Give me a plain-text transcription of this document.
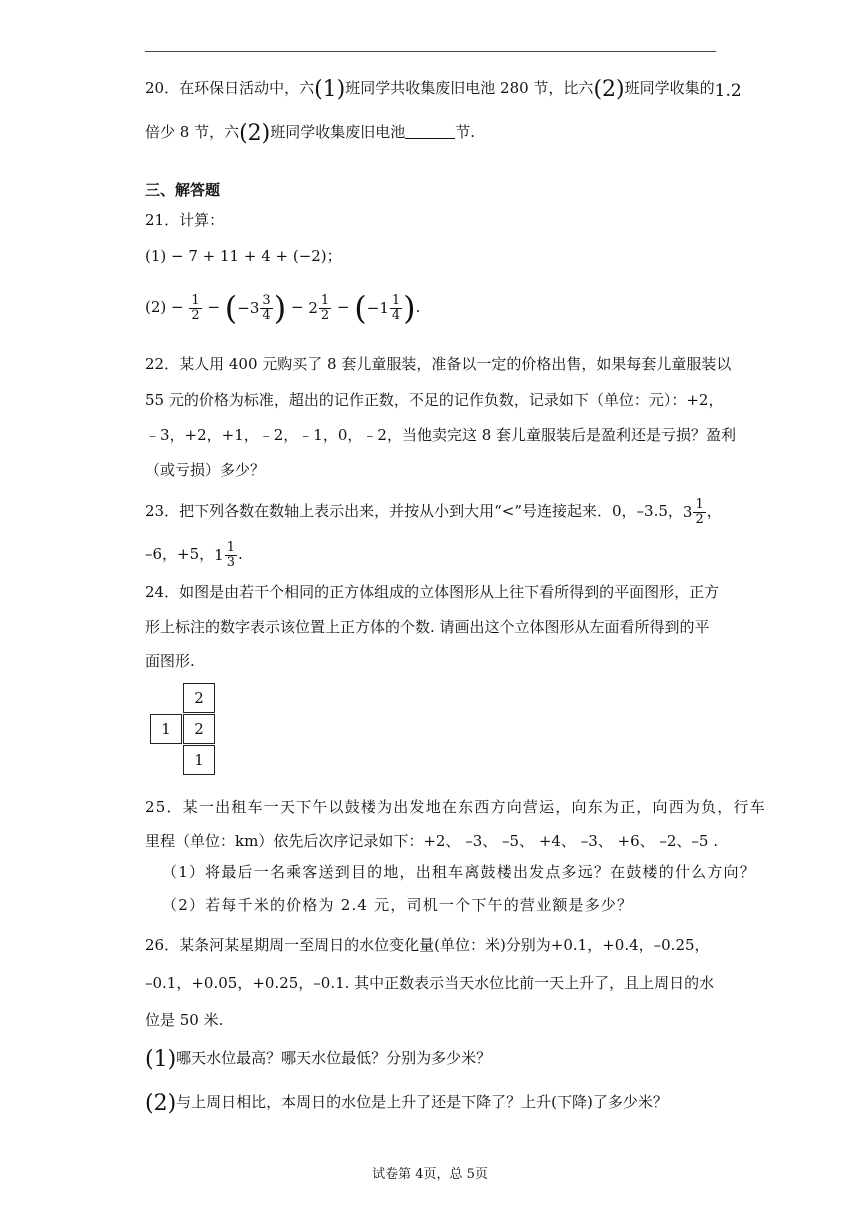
20．在环保日活动中，六(1)班同学共收集废旧电池 280 节，比六(2)班同学收集的1.2
倍少 8 节，六(2)班同学收集废旧电池	节.
三、解答题
21．计算：
(1) − 7 + 11 + 4 + (−2)；
$(2) - \frac{1}{2}$ − ( $-3 \frac{3}{4}$ ) − $2 \frac{1}{2}$ − ( $-1 \frac{1}{4}$ ).
22．某人用 400 元购买了 8 套儿童服装，准备以一定的价格出售，如果每套儿童服装以
55 元的价格为标准，超出的记作正数，不足的记作负数，记录如下（单位：元）：+2，
﹣3，+2，+1，﹣2，﹣1，0，﹣2，当他卖完这 8 套儿童服装后是盈利还是亏损？盈利
（或亏损）多少？
23．把下列各数在数轴上表示出来，并按从小到大用“<”号连接起来．0，–3.5， $3 \frac{1}{2}$ ，
–6，+5， $1 \frac{1}{3}$ .
24．如图是由若干个相同的正方体组成的立体图形从上往下看所得到的平面图形，正方
形上标注的数字表示该位置上正方体的个数. 请画出这个立体图形从左面看所得到的平
面图形.
2
1	2
1
25．某一出租车一天下午以鼓楼为出发地在东西方向营运，向东为正，向西为负，行车
里程（单位：km）依先后次序记录如下：+2、 –3、 –5、 +4、 –3、 +6、 –2、–5 .
（1）将最后一名乘客送到目的地，出租车离鼓楼出发点多远？在鼓楼的什么方向？
（2）若每千米的价格为 2.4 元，司机一个下午的营业额是多少？
26．某条河某星期周一至周日的水位变化量(单位：米)分别为+0.1，+0.4，–0.25，
–0.1，+0.05，+0.25，–0.1. 其中正数表示当天水位比前一天上升了，且上周日的水
位是 50 米.
(1)哪天水位最高？哪天水位最低？分别为多少米？
(2)与上周日相比，本周日的水位是上升了还是下降了？上升(下降)了多少米？
试卷第 4页，总 5页
